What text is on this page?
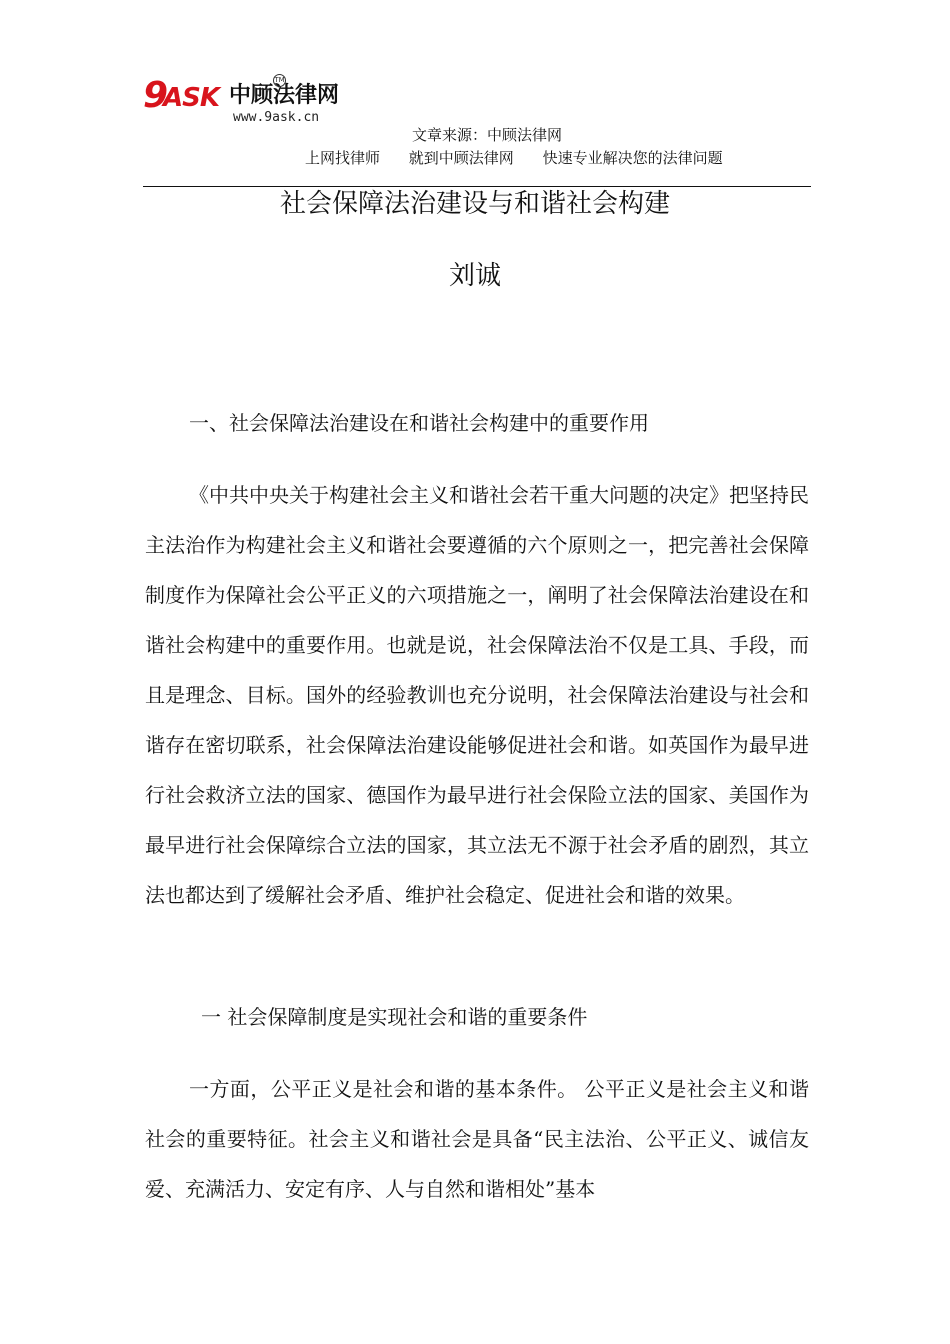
9
ASK 中顾法律网
TM
www.9ask.cn
文章来源：中顾法律网
上网找律师 就到中顾法律网 快速专业解决您的法律问题
社会保障法治建设与和谐社会构建
刘诚
一、社会保障法治建设在和谐社会构建中的重要作用
《中共中央关于构建社会主义和谐社会若干重大问题的决定》把坚持民主法治作为构建社会主义和谐社会要遵循的六个原则之一，把完善社会保障制度作为保障社会公平正义的六项措施之一，阐明了社会保障法治建设在和谐社会构建中的重要作用。也就是说，社会保障法治不仅是工具、手段，而且是理念、目标。国外的经验教训也充分说明，社会保障法治建设与社会和谐存在密切联系，社会保障法治建设能够促进社会和谐。如英国作为最早进行社会救济立法的国家、德国作为最早进行社会保险立法的国家、美国作为最早进行社会保障综合立法的国家，其立法无不源于社会矛盾的剧烈，其立法也都达到了缓解社会矛盾、维护社会稳定、促进社会和谐的效果。
一 社会保障制度是实现社会和谐的重要条件
一方面，公平正义是社会和谐的基本条件。 公平正义是社会主义和谐社会的重要特征。社会主义和谐社会是具备“民主法治、公平正义、诚信友爱、充满活力、安定有序、人与自然和谐相处”基本
